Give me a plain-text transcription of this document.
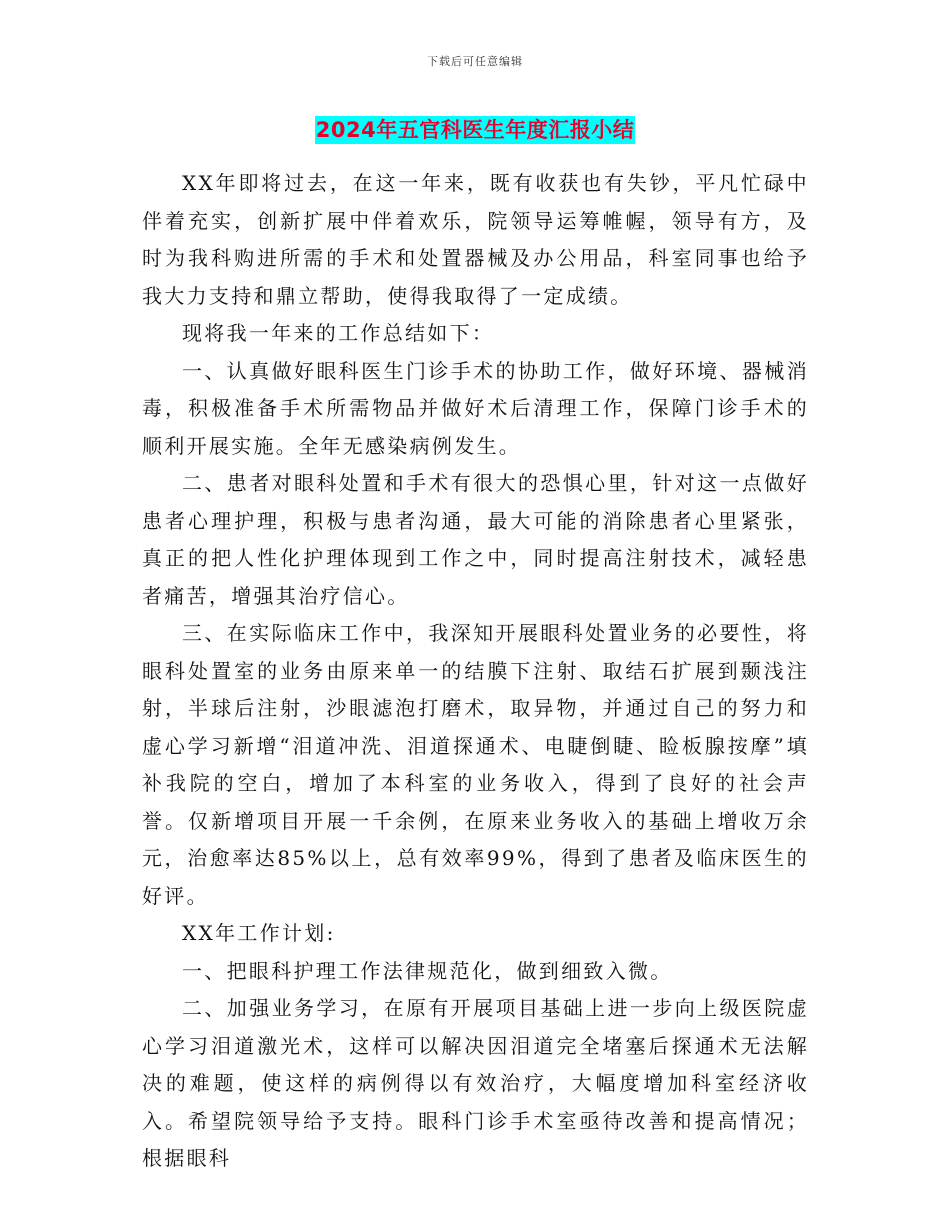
下载后可任意编辑
2024年五官科医生年度汇报小结

XX年即将过去，在这一年来，既有收获也有失钞，平凡忙碌中伴着充实，创新扩展中伴着欢乐，院领导运筹帷幄，领导有方，及时为我科购进所需的手术和处置器械及办公用品，科室同事也给予我大力支持和鼎立帮助，使得我取得了一定成绩。

现将我一年来的工作总结如下：

一、认真做好眼科医生门诊手术的协助工作，做好环境、器械消毒，积极准备手术所需物品并做好术后清理工作，保障门诊手术的顺利开展实施。全年无感染病例发生。

二、患者对眼科处置和手术有很大的恐惧心里，针对这一点做好患者心理护理，积极与患者沟通，最大可能的消除患者心里紧张，真正的把人性化护理体现到工作之中，同时提高注射技术，减轻患者痛苦，增强其治疗信心。

三、在实际临床工作中，我深知开展眼科处置业务的必要性，将眼科处置室的业务由原来单一的结膜下注射、取结石扩展到颞浅注射，半球后注射，沙眼滤泡打磨术，取异物，并通过自己的努力和虚心学习新增“泪道冲洗、泪道探通术、电睫倒睫、睑板腺按摩”填补我院的空白，增加了本科室的业务收入，得到了良好的社会声誉。仅新增项目开展一千余例，在原来业务收入的基础上增收万余元，治愈率达85%以上，总有效率99%，得到了患者及临床医生的好评。

XX年工作计划:

一、把眼科护理工作法律规范化，做到细致入微。

二、加强业务学习，在原有开展项目基础上进一步向上级医院虚心学习泪道激光术，这样可以解决因泪道完全堵塞后探通术无法解决的难题，使这样的病例得以有效治疗，大幅度增加科室经济收入。希望院领导给予支持。眼科门诊手术室亟待改善和提高情况；根据眼科
